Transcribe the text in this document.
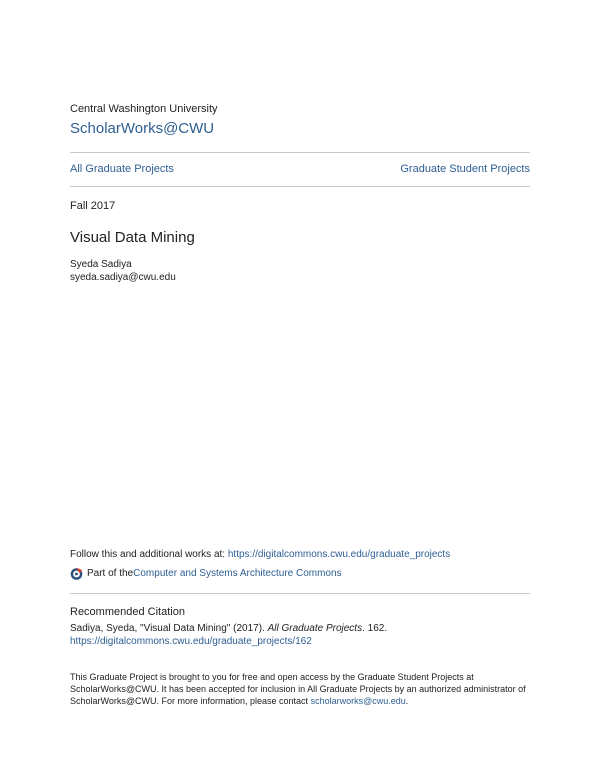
Central Washington University
ScholarWorks@CWU
All Graduate Projects	Graduate Student Projects
Fall 2017
Visual Data Mining
Syeda Sadiya
syeda.sadiya@cwu.edu
Follow this and additional works at: https://digitalcommons.cwu.edu/graduate_projects
Part of the Computer and Systems Architecture Commons
Recommended Citation
Sadiya, Syeda, "Visual Data Mining" (2017). All Graduate Projects. 162.
https://digitalcommons.cwu.edu/graduate_projects/162
This Graduate Project is brought to you for free and open access by the Graduate Student Projects at
ScholarWorks@CWU. It has been accepted for inclusion in All Graduate Projects by an authorized administrator of
ScholarWorks@CWU. For more information, please contact scholarworks@cwu.edu.
